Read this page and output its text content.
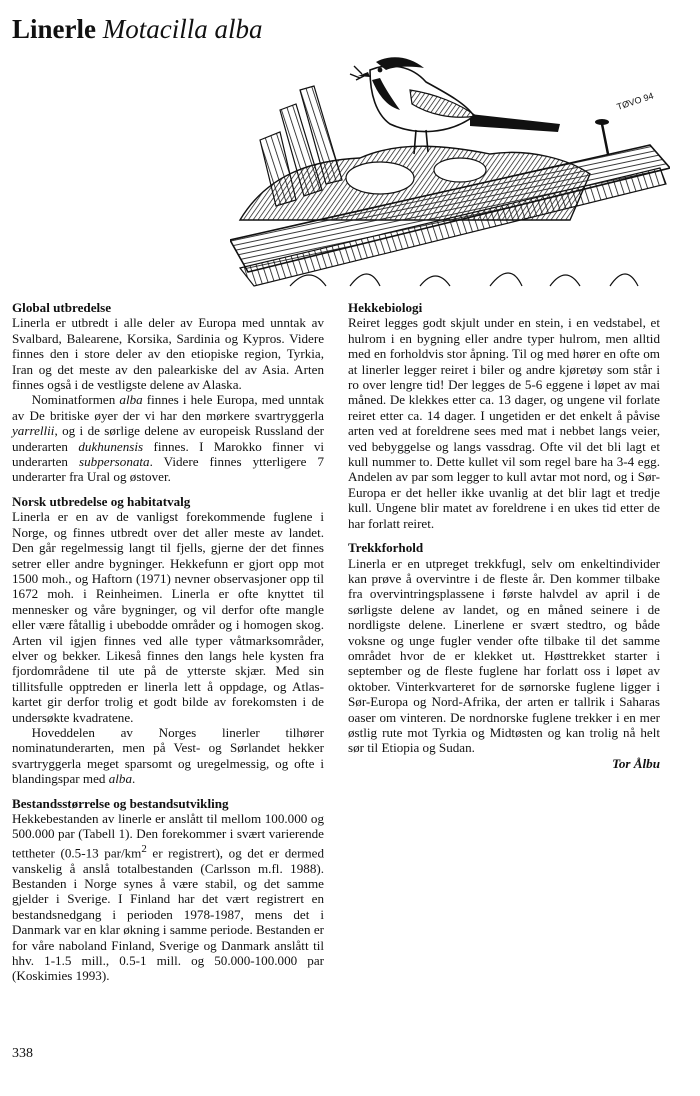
Linerle Motacilla alba
TØVO 94
Global utbredelse

Linerla er utbredt i alle deler av Europa med unntak av Svalbard, Balearene, Korsika, Sardinia og Kypros. Videre finnes den i store deler av den etiopiske region, Tyrkia, Iran og det meste av den palearkiske del av Asia. Arten finnes også i de vestligste delene av Alaska.

Nominatformen alba finnes i hele Europa, med unntak av De britiske øyer der vi har den mørkere svartryggerla yarrellii, og i de sørlige delene av europeisk Russland der underarten dukhunensis finnes. I Marokko finner vi underarten subpersonata. Videre finnes ytterligere 7 underarter fra Ural og østover.

Norsk utbredelse og habitatvalg

Linerla er en av de vanligst forekommende fuglene i Norge, og finnes utbredt over det aller meste av landet. Den går regelmessig langt til fjells, gjerne der det finnes setrer eller andre bygninger. Hekkefunn er gjort opp mot 1500 moh., og Haftorn (1971) nevner observasjoner opp til 1672 moh. i Reinheimen. Linerla er ofte knyttet til mennesker og våre bygninger, og vil derfor ofte mangle eller være fåtallig i ubebodde områder og i homogen skog. Arten vil igjen finnes ved alle typer våtmarksområder, elver og bekker. Likeså finnes den langs hele kysten fra fjordområdene til ute på de ytterste skjær. Med sin tillitsfulle opptreden er linerla lett å oppdage, og Atlas-kartet gir derfor trolig et godt bilde av forekomsten i de undersøkte kvadratene.

Hoveddelen av Norges linerler tilhører nominatunderarten, men på Vest- og Sørlandet hekker svartryggerla meget sparsomt og uregelmessig, og ofte i blandingspar med alba.

Bestandsstørrelse og bestandsutvikling

Hekkebestanden av linerle er anslått til mellom 100.000 og 500.000 par (Tabell 1). Den forekommer i svært varierende tettheter (0.5-13 par/$km^2$ er registrert), og det er dermed vanskelig å anslå totalbestanden (Carlsson m.fl. 1988). Bestanden i Norge synes å være stabil, og det samme gjelder i Sverige. I Finland har det vært registrert en bestandsnedgang i perioden 1978-1987, mens det i Danmark var en klar økning i samme periode. Bestanden er for våre naboland Finland, Sverige og Danmark anslått til hhv. 1-1.5 mill., 0.5-1 mill. og 50.000-100.000 par (Koskimies 1993).

Hekkebiologi

Reiret legges godt skjult under en stein, i en vedstabel, et hulrom i en bygning eller andre typer hulrom, men alltid med en forholdvis stor åpning. Til og med hører en ofte om at linerler legger reiret i biler og andre kjøretøy som står i ro over lengre tid! Der legges de 5-6 eggene i løpet av mai måned. De klekkes etter ca. 13 dager, og ungene vil forlate reiret etter ca. 14 dager. I ungetiden er det enkelt å påvise arten ved at foreldrene sees med mat i nebbet langs veier, ved bebyggelse og langs vassdrag. Ofte vil det bli lagt et kull nummer to. Dette kullet vil som regel bare ha 3-4 egg. Andelen av par som legger to kull avtar mot nord, og i Sør-Europa er det heller ikke uvanlig at det blir lagt et tredje kull. Ungene blir matet av foreldrene i en ukes tid etter de har forlatt reiret.

Trekkforhold

Linerla er en utpreget trekkfugl, selv om enkeltindivider kan prøve å overvintre i de fleste år. Den kommer tilbake fra overvintringsplassene i første halvdel av april i de sørligste delene av landet, og en måned seinere i de nordligste delene. Linerlene er svært stedtro, og både voksne og unge fugler vender ofte tilbake til det samme området hvor de er klekket ut. Høsttrekket starter i september og de fleste fuglene har forlatt oss i løpet av oktober. Vinterkvarteret for de sørnorske fuglene ligger i Sør-Europa og Nord-Afrika, der arten er tallrik i Saharas oaser om vinteren. De nordnorske fuglene trekker i en mer østlig rute mot Tyrkia og Midtøsten og kan trolig nå helt sør til Etiopia og Sudan.

Tor Ålbu

338
